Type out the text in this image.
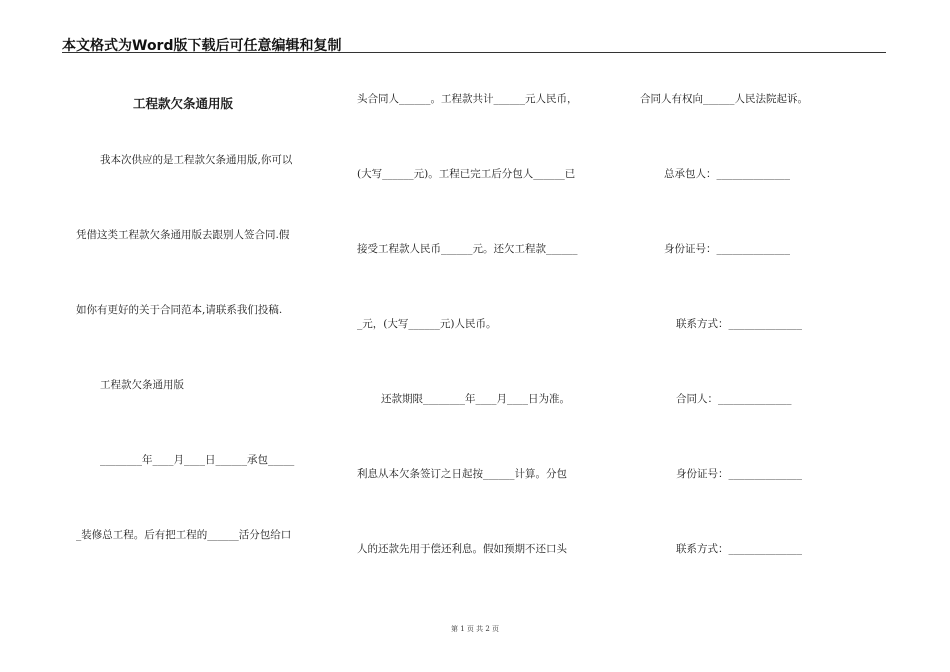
本文格式为Word版下载后可任意编辑和复制
工程款欠条通用版
我本次供应的是工程款欠条通用版,你可以
凭借这类工程款欠条通用版去跟别人签合同.假
如你有更好的关于合同范本,请联系我们投稿.
工程款欠条通用版
________年____月____日______承包_____
_装修总工程。后有把工程的______活分包给口
头合同人______。工程款共计______元人民币，
(大写______元)。工程已完工后分包人______已
接受工程款人民币______元。还欠工程款______
_元，(大写______元)人民币。
还款期限________年____月____日为准。
利息从本欠条签订之日起按______计算。分包
人的还款先用于偿还利息。假如预期不还口头
合同人有权向______人民法院起诉。
总承包人：______________
身份证号：______________
联系方式：______________
合同人：______________
身份证号：______________
联系方式：______________
第 1 页 共 2 页
